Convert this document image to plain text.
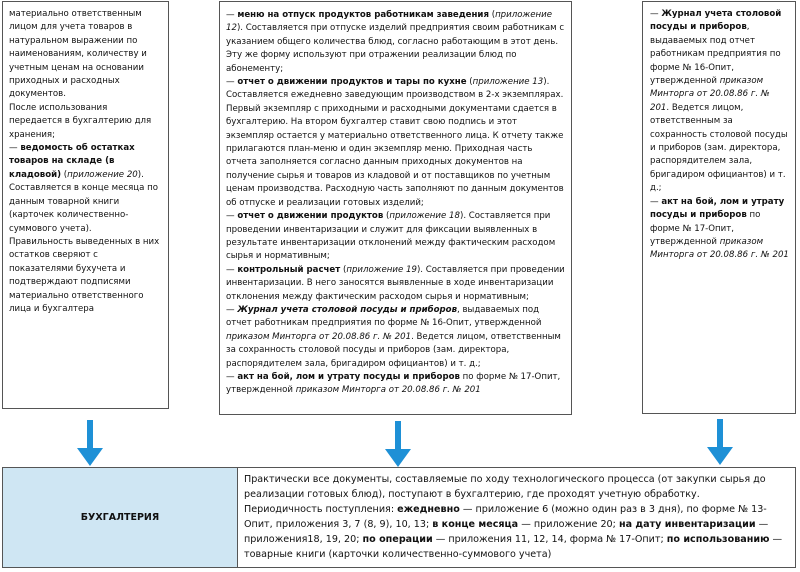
материально ответственным лицом для учета товаров в натуральном выражении по наименованиям, количеству и учетным ценам на основании приходных и расходных документов.

После использования передается в бухгалтерию для хранения;

— ведомость об остатках товаров на складе (в кладовой) (приложение 20).

Составляется в конце месяца по данным товарной книги (карточек количественно-суммового учета).

Правильность выведенных в них остатков сверяют с показателями бухучета и подтверждают подписями материально ответственного лица и бухгалтера

— меню на отпуск продуктов работникам заведения (приложение 12). Составляется при отпуске изделий предприятия своим работникам с указанием общего количества блюд, согласно работающим в этот день. Эту же форму используют при отражении реализации блюд по абонементу;

— отчет о движении продуктов и тары по кухне (приложение 13). Составляется ежедневно заведующим производством в 2-х экземплярах. Первый экземпляр с приходными и расходными документами сдается в бухгалтерию. На втором бухгалтер ставит свою подпись и этот экземпляр остается у материально ответственного лица. К отчету также прилагаются план-меню и один экземпляр меню. Приходная часть отчета заполняется согласно данным приходных документов на получение сырья и товаров из кладовой и от поставщиков по учетным ценам производства. Расходную часть заполняют по данным документов об отпуске и реализации готовых изделий;

— отчет о движении продуктов (приложение 18). Составляется при проведении инвентаризации и служит для фиксации выявленных в результате инвентаризации отклонений между фактическим расходом сырья и нормативным;

— контрольный расчет (приложение 19). Составляется при проведении инвентаризации. В него заносятся выявленные в ходе инвентаризации отклонения между фактическим расходом сырья и нормативным;

— Журнал учета столовой посуды и приборов, выдаваемых под отчет работникам предприятия по форме № 16-Опит, утвержденной приказом Минторга от 20.08.86 г. № 201. Ведется лицом, ответственным за сохранность столовой посуды и приборов (зам. директора, распорядителем зала, бригадиром официантов) и т. д.;

— акт на бой, лом и утрату посуды и приборов по форме № 17-Опит, утвержденной приказом Минторга от 20.08.86 г. № 201

— Журнал учета столовой посуды и приборов, выдаваемых под отчет работникам предприятия по форме № 16-Опит, утвержденной приказом Минторга от 20.08.86 г. № 201. Ведется лицом, ответственным за сохранность столовой посуды и приборов (зам. директора, распорядителем зала, бригадиром официантов) и т. д.;

— акт на бой, лом и утрату посуды и приборов по форме № 17-Опит, утвержденной приказом Минторга от 20.08.86 г. № 201

БУХГАЛТЕРИЯ

Практически все документы, составляемые по ходу технологического процесса (от закупки сырья до реализации готовых блюд), поступают в бухгалтерию, где проходят учетную обработку.

Периодичность поступления: ежедневно — приложение 6 (можно один раз в 3 дня), по форме № 13-Опит, приложения 3, 7 (8, 9), 10, 13; в конце месяца — приложение 20; на дату инвентаризации — приложения18, 19, 20; по операции — приложения 11, 12, 14, форма № 17-Опит; по использованию — товарные книги (карточки количественно-суммового учета)
